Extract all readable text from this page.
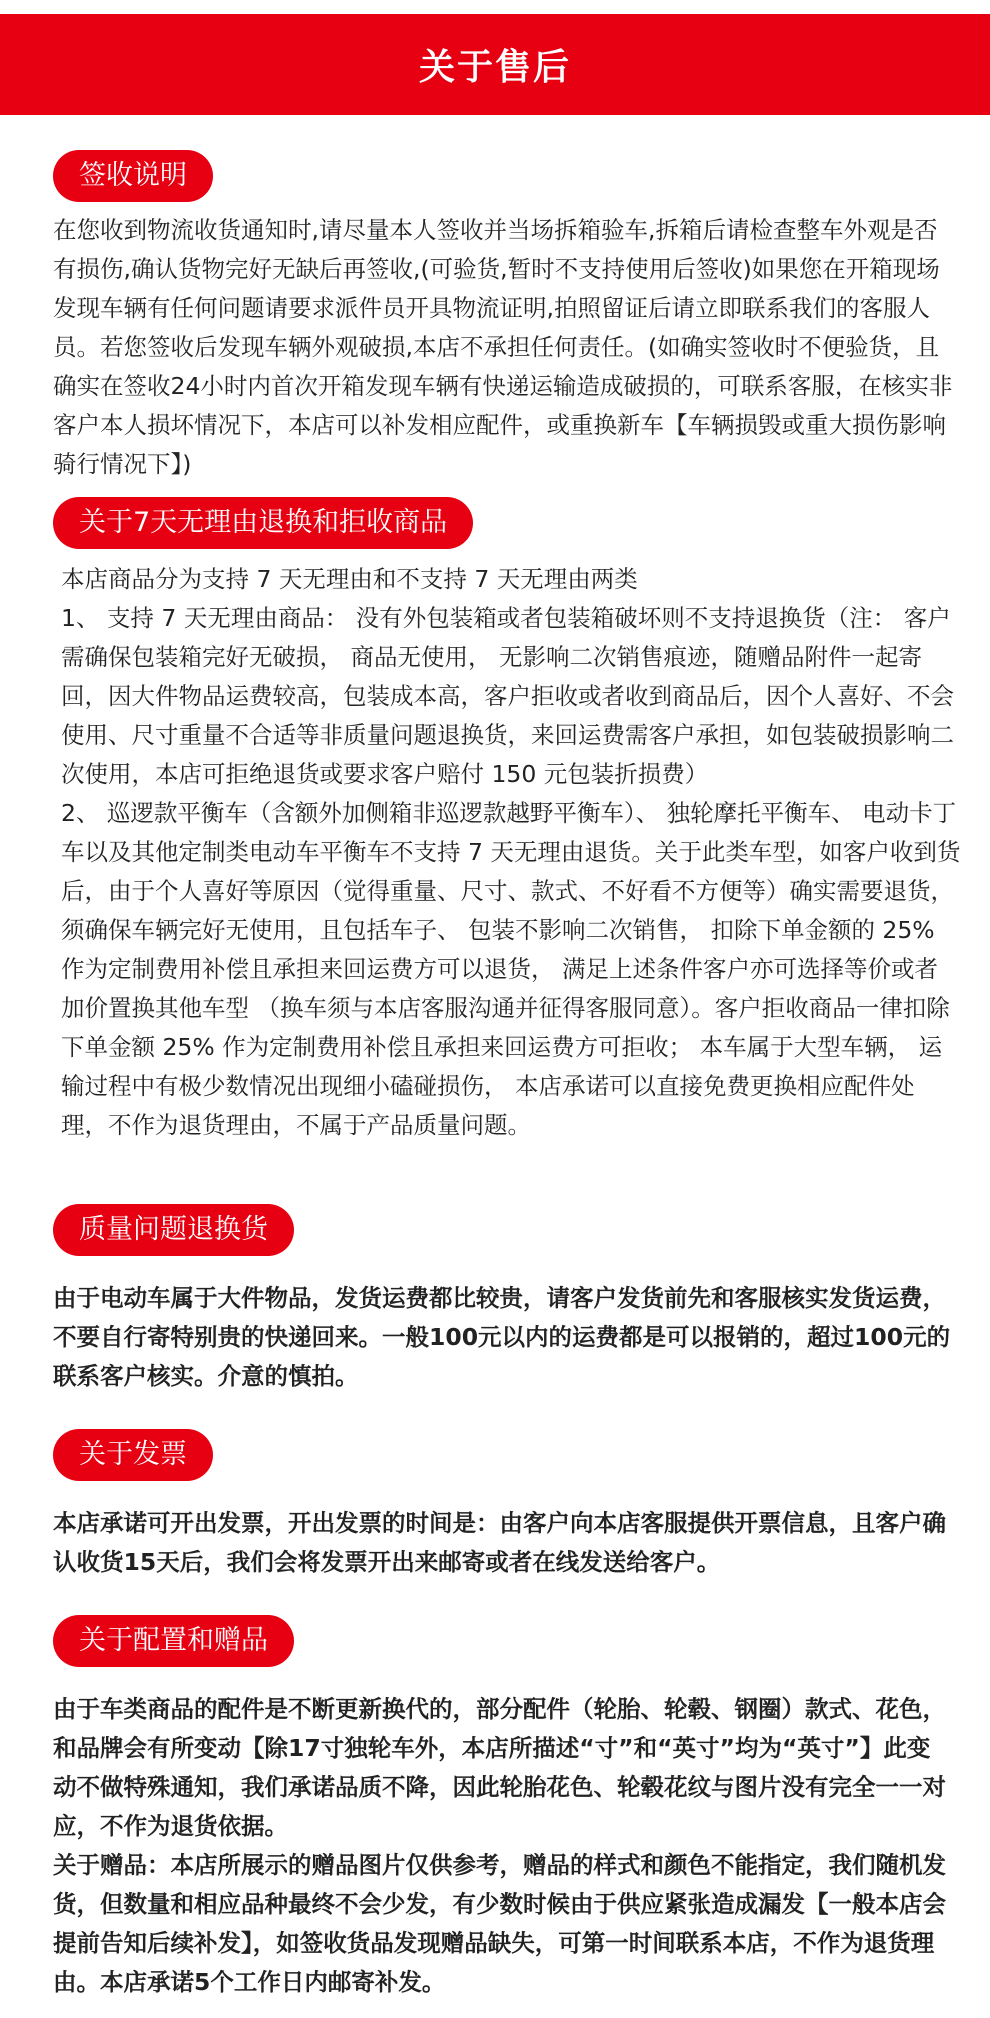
关于售后
签收说明

在您收到物流收货通知时,请尽量本人签收并当场拆箱验车,拆箱后请检查整车外观是否有损伤,确认货物完好无缺后再签收,(可验货,暂时不支持使用后签收)如果您在开箱现场发现车辆有任何问题请要求派件员开具物流证明,拍照留证后请立即联系我们的客服人员。若您签收后发现车辆外观破损,本店不承担任何责任。(如确实签收时不便验货，且确实在签收24小时内首次开箱发现车辆有快递运输造成破损的，可联系客服，在核实非客户本人损坏情况下，本店可以补发相应配件，或重换新车【车辆损毁或重大损伤影响骑行情况下】)

关于7天无理由退换和拒收商品

本店商品分为支持 7 天无理由和不支持 7 天无理由两类

1、 支持 7 天无理由商品： 没有外包装箱或者包装箱破坏则不支持退换货（注： 客户需确保包装箱完好无破损， 商品无使用， 无影响二次销售痕迹，随赠品附件一起寄回，因大件物品运费较高，包装成本高，客户拒收或者收到商品后，因个人喜好、不会使用、尺寸重量不合适等非质量问题退换货，来回运费需客户承担，如包装破损影响二次使用，本店可拒绝退货或要求客户赔付 150 元包装折损费）

2、 巡逻款平衡车（含额外加侧箱非巡逻款越野平衡车）、 独轮摩托平衡车、 电动卡丁车以及其他定制类电动车平衡车不支持 7 天无理由退货。关于此类车型，如客户收到货后，由于个人喜好等原因（觉得重量、尺寸、款式、不好看不方便等）确实需要退货，须确保车辆完好无使用，且包括车子、 包装不影响二次销售， 扣除下单金额的 25% 作为定制费用补偿且承担来回运费方可以退货， 满足上述条件客户亦可选择等价或者加价置换其他车型 （换车须与本店客服沟通并征得客服同意）。客户拒收商品一律扣除下单金额 25% 作为定制费用补偿且承担来回运费方可拒收； 本车属于大型车辆， 运输过程中有极少数情况出现细小磕碰损伤， 本店承诺可以直接免费更换相应配件处理，不作为退货理由，不属于产品质量问题。

质量问题退换货

由于电动车属于大件物品，发货运费都比较贵，请客户发货前先和客服核实发货运费，不要自行寄特别贵的快递回来。一般100元以内的运费都是可以报销的，超过100元的联系客户核实。介意的慎拍。

关于发票

本店承诺可开出发票，开出发票的时间是：由客户向本店客服提供开票信息，且客户确认收货15天后，我们会将发票开出来邮寄或者在线发送给客户。

关于配置和赠品

由于车类商品的配件是不断更新换代的，部分配件（轮胎、轮毂、钢圈）款式、花色，和品牌会有所变动【除17寸独轮车外，本店所描述“寸”和“英寸”均为“英寸”】此变动不做特殊通知，我们承诺品质不降，因此轮胎花色、轮毂花纹与图片没有完全一一对应，不作为退货依据。

关于赠品：本店所展示的赠品图片仅供参考，赠品的样式和颜色不能指定，我们随机发货，但数量和相应品种最终不会少发，有少数时候由于供应紧张造成漏发【一般本店会提前告知后续补发】，如签收货品发现赠品缺失，可第一时间联系本店，不作为退货理由。本店承诺5个工作日内邮寄补发。
